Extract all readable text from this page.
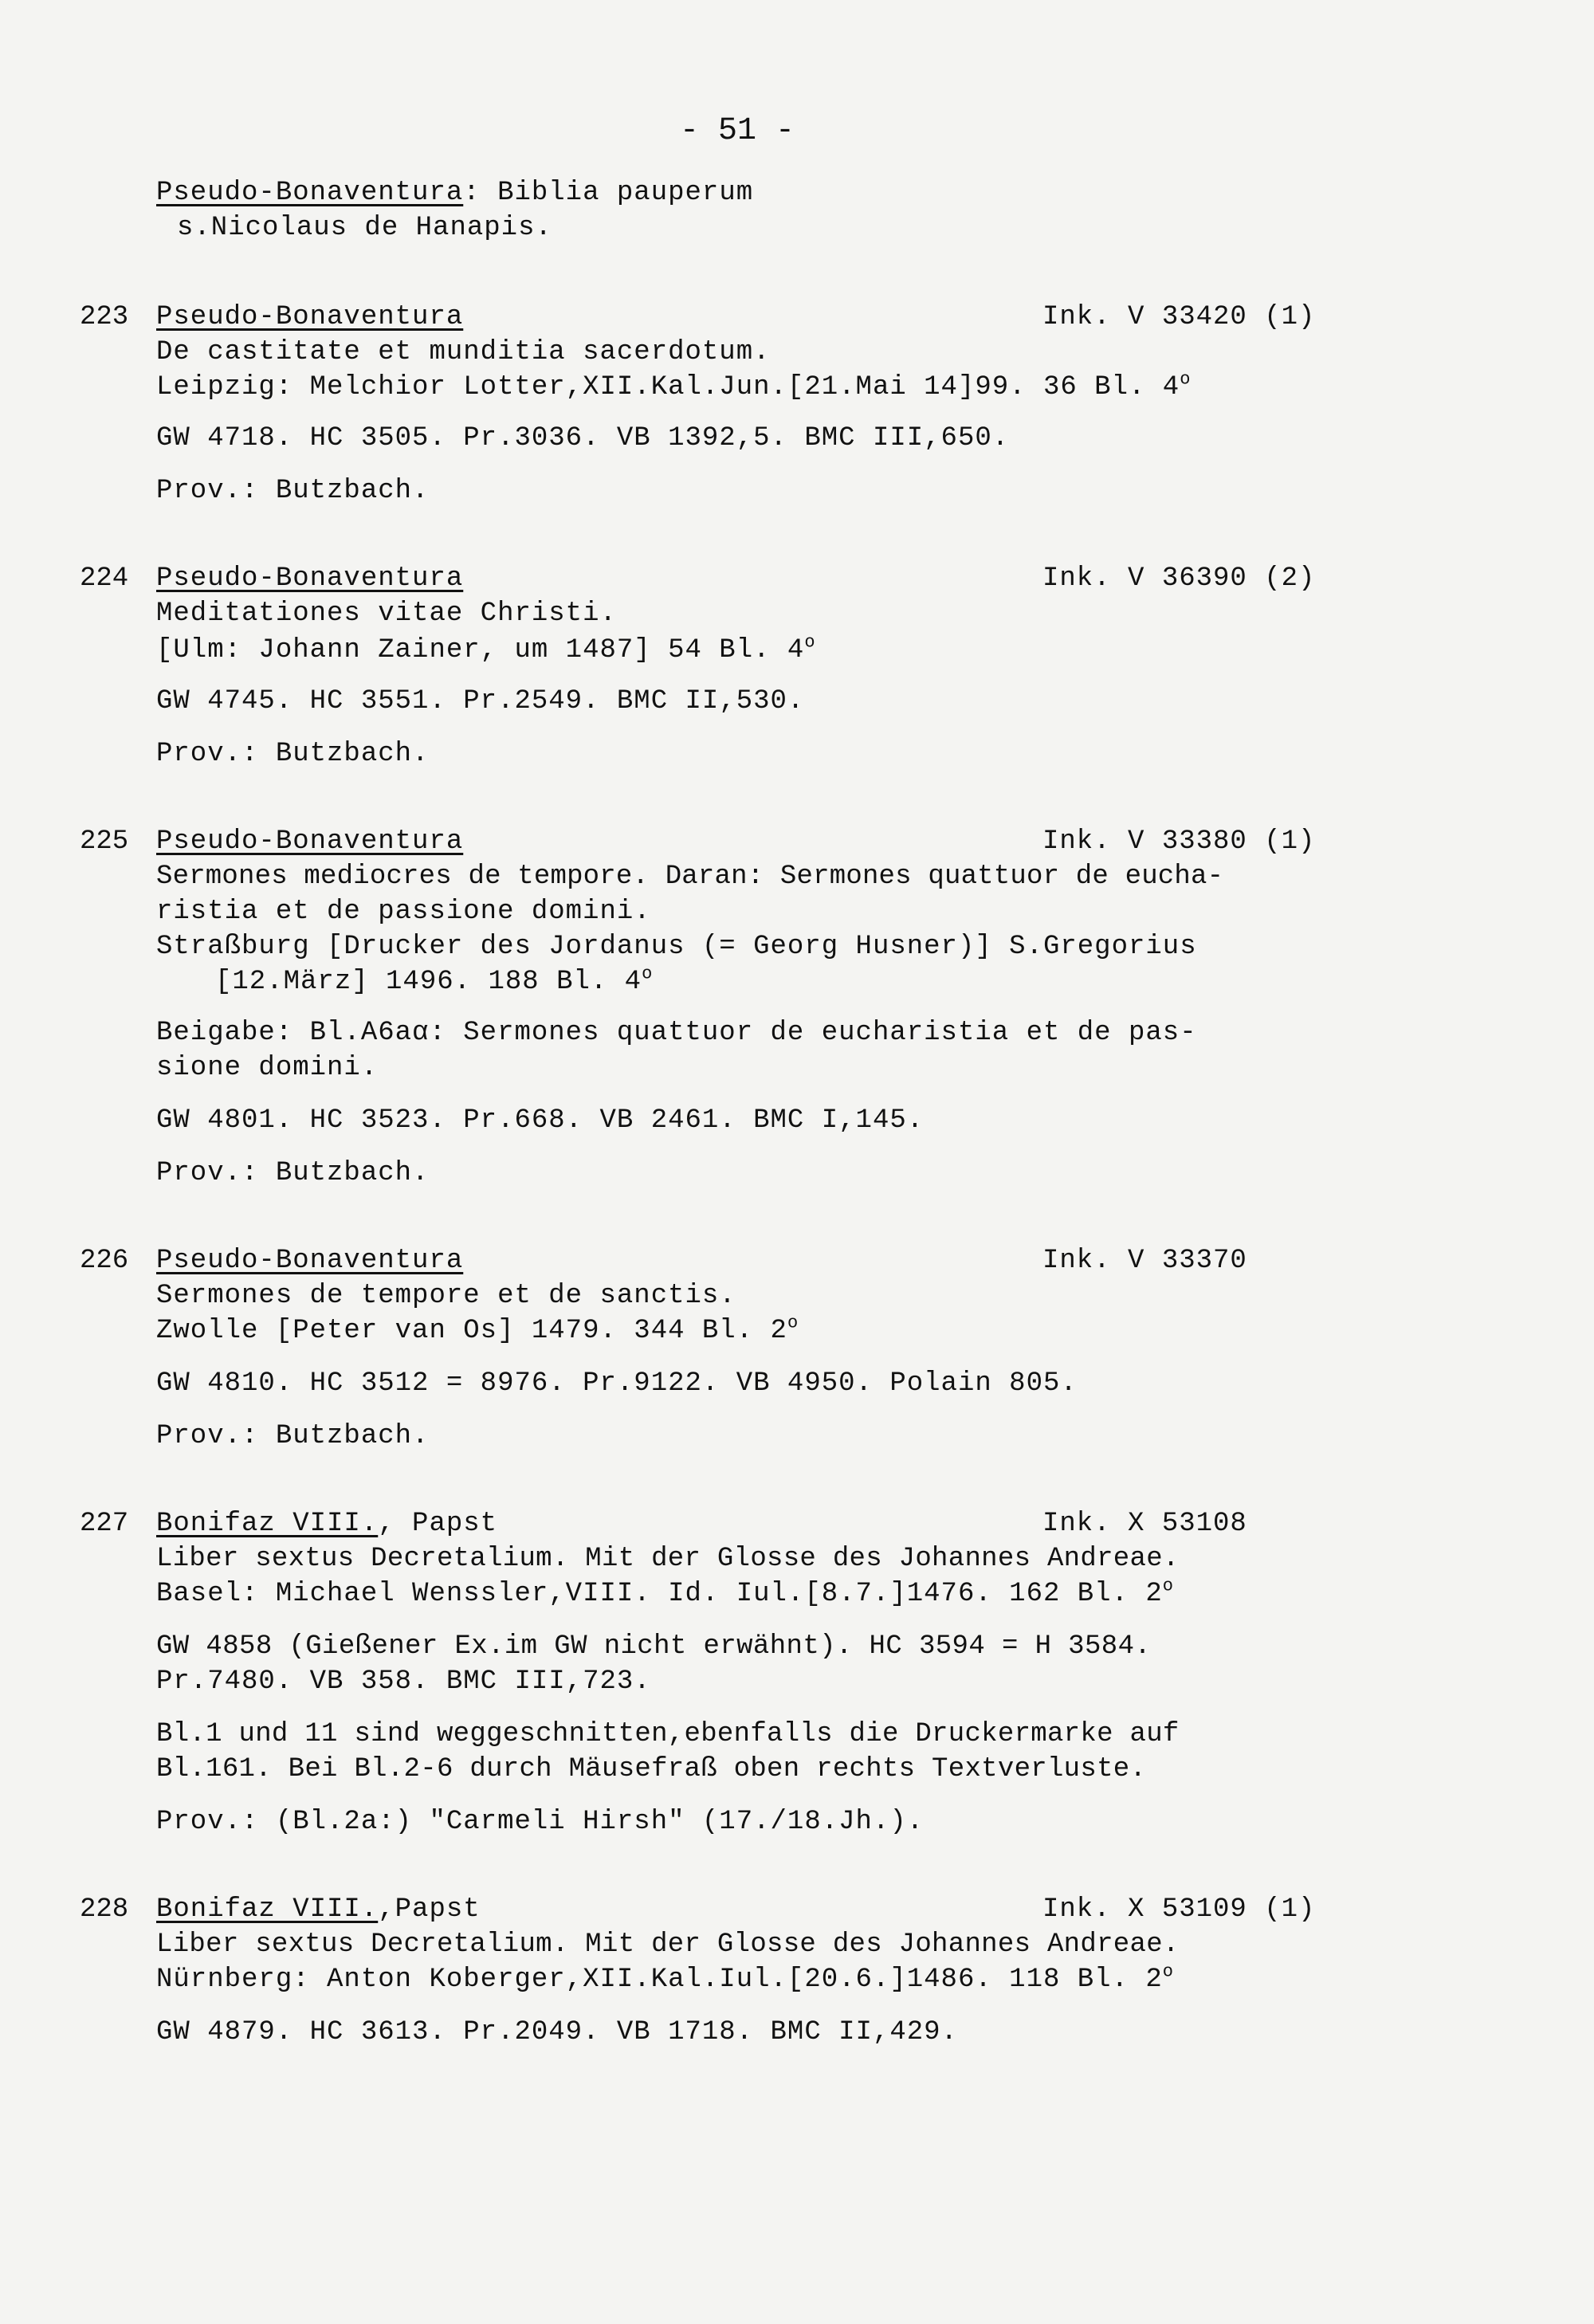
- 51 -
Pseudo-Bonaventura: Biblia pauperum
s.Nicolaus de Hanapis.
223 Pseudo-Bonaventura	Ink. V 33420 (1)
De castitate et munditia sacerdotum.
Leipzig: Melchior Lotter,XII.Kal.Jun.[21.Mai 14]99. 36 Bl. 4$^o$
GW 4718. HC 3505. Pr.3036. VB 1392,5. BMC III,650.
Prov.: Butzbach.
224 Pseudo-Bonaventura	Ink. V 36390 (2)
Meditationes vitae Christi.
[Ulm: Johann Zainer, um 1487] 54 Bl. 4$^o$
GW 4745. HC 3551. Pr.2549. BMC II,530.
Prov.: Butzbach.
225 Pseudo-Bonaventura	Ink. V 33380 (1)
Sermones mediocres de tempore. Daran: Sermones quattuor de eucha-
ristia et de passione domini.
Straßburg [Drucker des Jordanus (= Georg Husner)] S.Gregorius
[12.März] 1496. 188 Bl. 4$^o$
Beigabe: Bl.A6aα: Sermones quattuor de eucharistia et de pas-
sione domini.
GW 4801. HC 3523. Pr.668. VB 2461. BMC I,145.
Prov.: Butzbach.
226 Pseudo-Bonaventura	Ink. V 33370
Sermones de tempore et de sanctis.
Zwolle [Peter van Os] 1479. 344 Bl. 2$^o$
GW 4810. HC 3512 = 8976. Pr.9122. VB 4950. Polain 805.
Prov.: Butzbach.
227 Bonifaz VIII., Papst	Ink. X 53108
Liber sextus Decretalium. Mit der Glosse des Johannes Andreae.
Basel: Michael Wenssler,VIII. Id. Iul.[8.7.]1476. 162 Bl. 2$^o$
GW 4858 (Gießener Ex.im GW nicht erwähnt). HC 3594 = H 3584.
Pr.7480. VB 358. BMC III,723.
Bl.1 und 11 sind weggeschnitten,ebenfalls die Druckermarke auf
Bl.161. Bei Bl.2-6 durch Mäusefraß oben rechts Textverluste.
Prov.: (Bl.2a:) "Carmeli Hirsh" (17./18.Jh.).
228 Bonifaz VIII.,Papst	Ink. X 53109 (1)
Liber sextus Decretalium. Mit der Glosse des Johannes Andreae.
Nürnberg: Anton Koberger,XII.Kal.Iul.[20.6.]1486. 118 Bl. 2$^o$
GW 4879. HC 3613. Pr.2049. VB 1718. BMC II,429.
